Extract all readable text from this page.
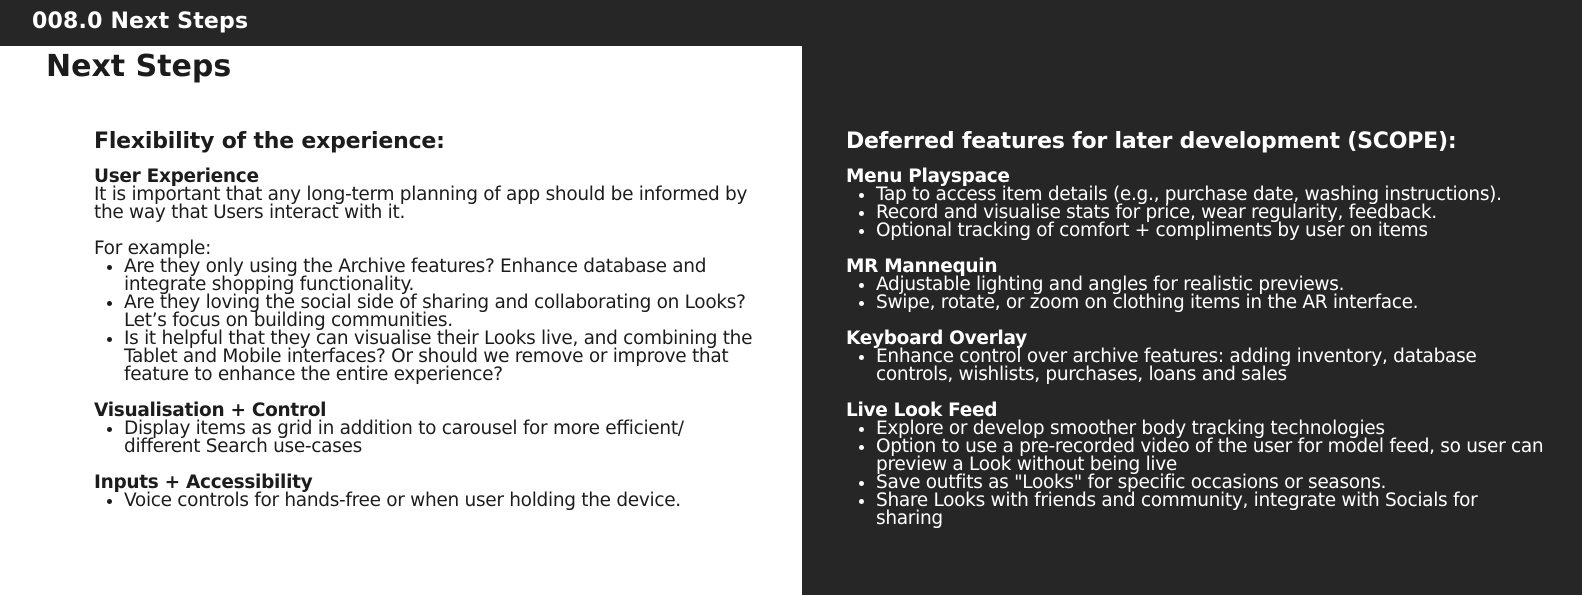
008.0 Next Steps
Next Steps
Flexibility of the experience:
User Experience

It is important that any long-term planning of app should be informed by the way that Users interact with it.

For example:

• Are they only using the Archive features? Enhance database and integrate shopping functionality.
• Are they loving the social side of sharing and collaborating on Looks? Let’s focus on building communities.
• Is it helpful that they can visualise their Looks live, and combining the Tablet and Mobile interfaces? Or should we remove or improve that feature to enhance the entire experience?
Visualisation + Control
• Display items as grid in addition to carousel for more efficient/ different Search use-cases
Inputs + Accessibility
• Voice controls for hands-free or when user holding the device.
Deferred features for later development (SCOPE):
Menu Playspace
• Tap to access item details (e.g., purchase date, washing instructions).
• Record and visualise stats for price, wear regularity, feedback.
• Optional tracking of comfort + compliments by user on items
MR Mannequin
• Adjustable lighting and angles for realistic previews.
• Swipe, rotate, or zoom on clothing items in the AR interface.
Keyboard Overlay
• Enhance control over archive features: adding inventory, database controls, wishlists, purchases, loans and sales
Live Look Feed
• Explore or develop smoother body tracking technologies
• Option to use a pre-recorded video of the user for model feed, so user can preview a Look without being live
• Save outfits as "Looks" for specific occasions or seasons.
• Share Looks with friends and community, integrate with Socials for sharing
